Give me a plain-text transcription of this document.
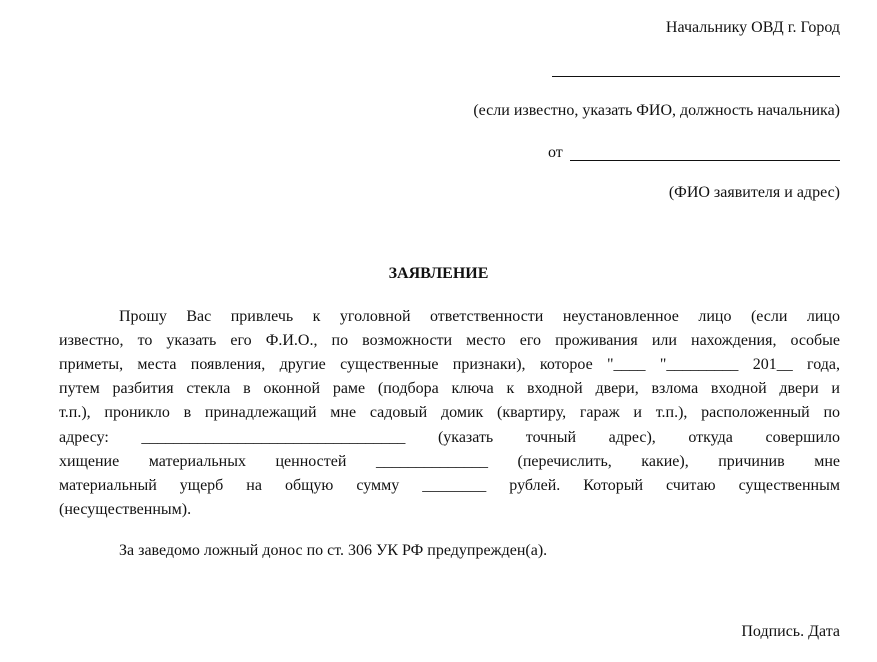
Начальнику ОВД г. Город
(если известно, указать ФИО, должность начальника)
от
(ФИО заявителя и адрес)
ЗАЯВЛЕНИЕ
Прошу Вас привлечь к уголовной ответственности неустановленное лицо (если лицо
известно, то указать его Ф.И.О., по возможности место его проживания или нахождения, особые
приметы, места появления, другие существенные признаки), которое "____ "_________ 201__ года,
путем разбития стекла в оконной раме (подбора ключа к входной двери, взлома входной двери и
т.п.), проникло в принадлежащий мне садовый домик (квартиру, гараж и т.п.), расположенный по
адресу: _________________________________ (указать точный адрес), откуда совершило
хищение материальных ценностей ______________ (перечислить, какие), причинив мне
материальный ущерб на общую сумму ________ рублей. Который считаю существенным
(несущественным).
За заведомо ложный донос по ст. 306 УК РФ предупрежден(а).
Подпись. Дата
